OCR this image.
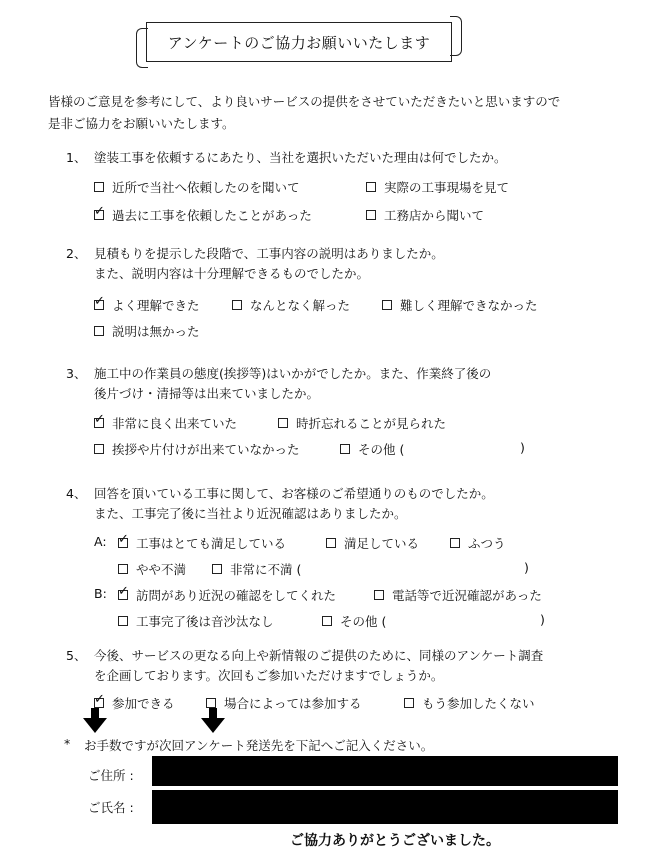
アンケートのご協力お願いいたします
皆様のご意見を参考にして、より良いサービスの提供をさせていただきたいと思いますので
是非ご協力をお願いいたします。
1、 塗装工事を依頼するにあたり、当社を選択いただいた理由は何でしたか。
近所で当社へ依頼したのを聞いて	実際の工事現場を見て
✓
過去に工事を依頼したことがあった	工務店から聞いて
2、 見積もりを提示した段階で、工事内容の説明はありましたか。
また、説明内容は十分理解できるものでしたか。
✓
よく理解できた	なんとなく解った	難しく理解できなかった
説明は無かった
3、 施工中の作業員の態度(挨拶等)はいかがでしたか。また、作業終了後の
後片づけ・清掃等は出来ていましたか。
✓
非常に良く出来ていた	時折忘れることが見られた
挨拶や片付けが出来ていなかった	その他 (	)
4、 回答を頂いている工事に関して、お客様のご希望通りのものでしたか。
また、工事完了後に当社より近況確認はありましたか。
A: ✓ 工事はとても満足している	満足している	ふつう
やや不満	非常に不満 (	)
B: ✓ 訪問があり近況の確認をしてくれた	電話等で近況確認があった
工事完了後は音沙汰なし	その他 (	)
5、 今後、サービスの更なる向上や新情報のご提供のために、同様のアンケート調査
を企画しております。次回もご参加いただけますでしょうか。
✓
参加できる	場合によっては参加する	もう参加したくない
* お手数ですが次回アンケート発送先を下記へご記入ください。
ご住所 :
ご氏名 :
ご協力ありがとうございました。
